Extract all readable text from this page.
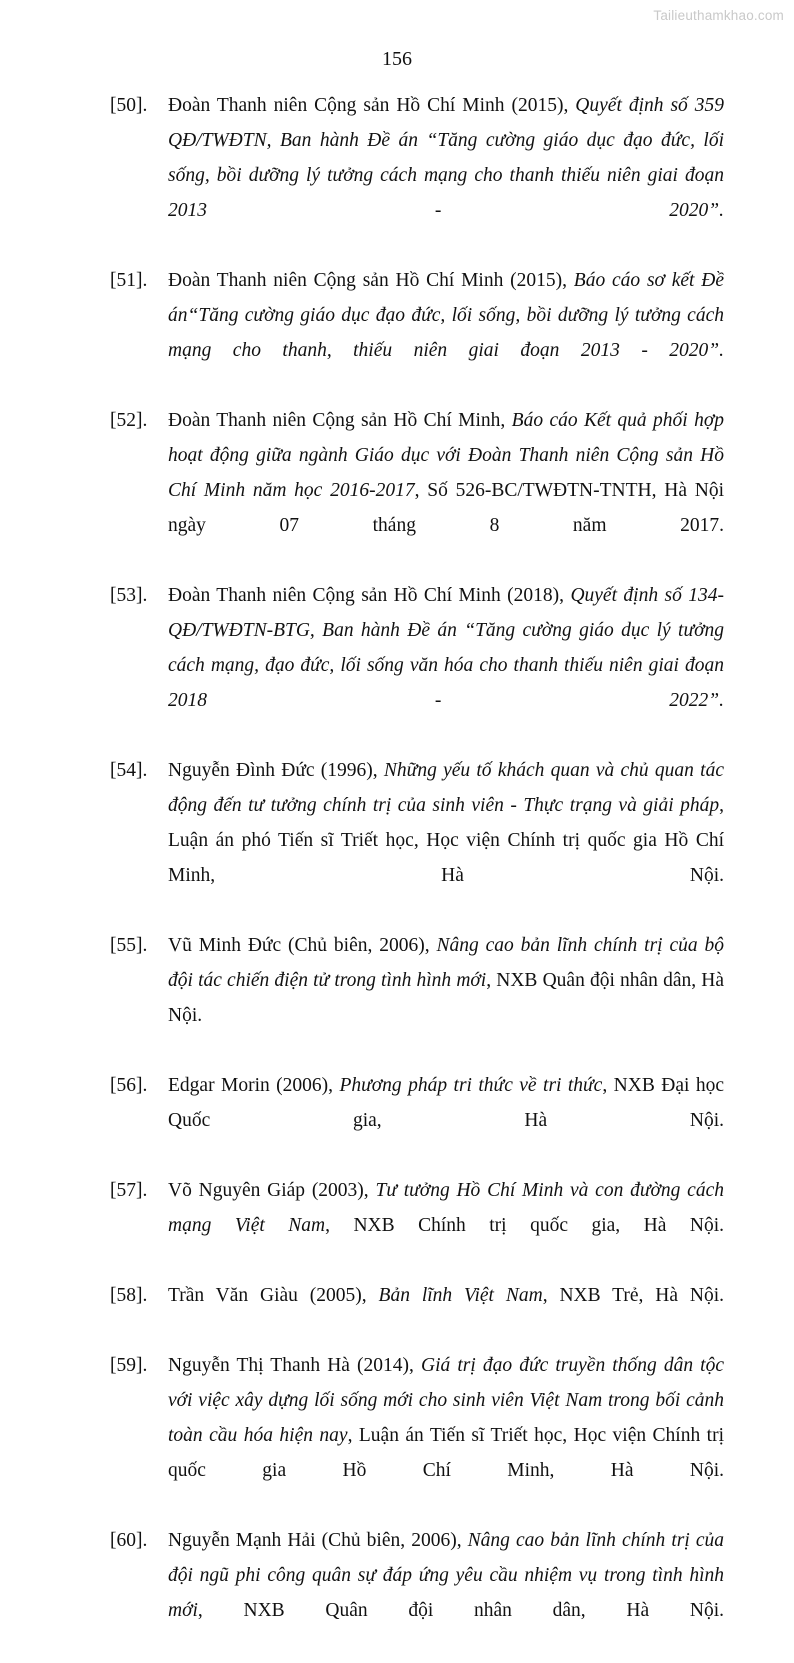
Tailieuthamkhao.com
156
[50].	Đoàn Thanh niên Cộng sản Hồ Chí Minh (2015), Quyết định số 359 QĐ/TWĐTN, Ban hành Đề án “Tăng cường giáo dục đạo đức, lối sống, bồi dưỡng lý tưởng cách mạng cho thanh thiếu niên giai đoạn 2013 - 2020”.
[51].	Đoàn Thanh niên Cộng sản Hồ Chí Minh (2015), Báo cáo sơ kết Đề án“Tăng cường giáo dục đạo đức, lối sống, bồi dưỡng lý tưởng cách mạng cho thanh, thiếu niên giai đoạn 2013 - 2020”.
[52].	Đoàn Thanh niên Cộng sản Hồ Chí Minh, Báo cáo Kết quả phối hợp hoạt động giữa ngành Giáo dục với Đoàn Thanh niên Cộng sản Hồ Chí Minh năm học 2016-2017, Số 526-BC/TWĐTN-TNTH, Hà Nội ngày 07 tháng 8 năm 2017.
[53].	Đoàn Thanh niên Cộng sản Hồ Chí Minh (2018), Quyết định số 134-QĐ/TWĐTN-BTG, Ban hành Đề án “Tăng cường giáo dục lý tưởng cách mạng, đạo đức, lối sống văn hóa cho thanh thiếu niên giai đoạn 2018 - 2022”.
[54].	Nguyễn Đình Đức (1996), Những yếu tố khách quan và chủ quan tác động đến tư tưởng chính trị của sinh viên - Thực trạng và giải pháp, Luận án phó Tiến sĩ Triết học, Học viện Chính trị quốc gia Hồ Chí Minh, Hà Nội.
[55].	Vũ Minh Đức (Chủ biên, 2006), Nâng cao bản lĩnh chính trị của bộ đội tác chiến điện tử trong tình hình mới, NXB Quân đội nhân dân, Hà Nội.
[56].	Edgar Morin (2006), Phương pháp tri thức về tri thức, NXB Đại học Quốc gia, Hà Nội.
[57].	Võ Nguyên Giáp (2003), Tư tưởng Hồ Chí Minh và con đường cách mạng Việt Nam, NXB Chính trị quốc gia, Hà Nội.
[58].	Trần Văn Giàu (2005), Bản lĩnh Việt Nam, NXB Trẻ, Hà Nội.
[59].	Nguyễn Thị Thanh Hà (2014), Giá trị đạo đức truyền thống dân tộc với việc xây dựng lối sống mới cho sinh viên Việt Nam trong bối cảnh toàn cầu hóa hiện nay, Luận án Tiến sĩ Triết học, Học viện Chính trị quốc gia Hồ Chí Minh, Hà Nội.
[60].	Nguyễn Mạnh Hải (Chủ biên, 2006), Nâng cao bản lĩnh chính trị của đội ngũ phi công quân sự đáp ứng yêu cầu nhiệm vụ trong tình hình mới, NXB Quân đội nhân dân, Hà Nội.
